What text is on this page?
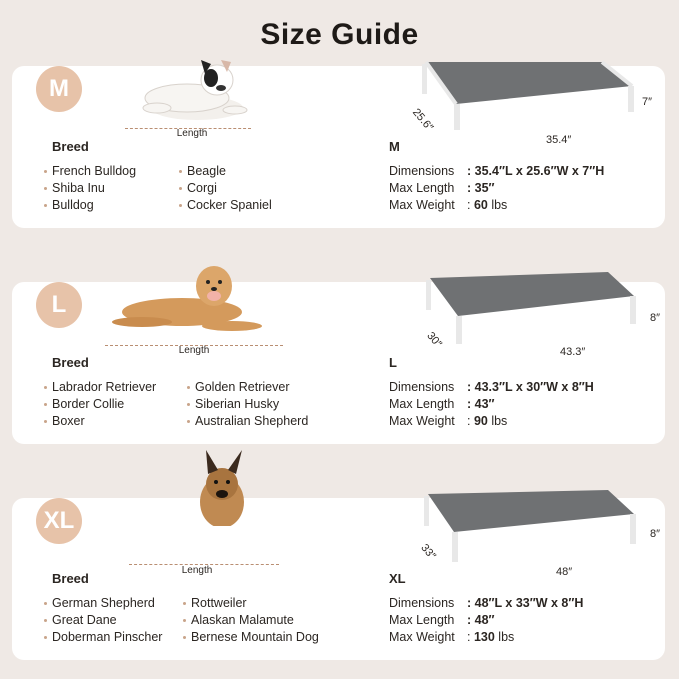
Size Guide
M
Length
Breed
French Bulldog
Shiba Inu
Bulldog
Beagle
Corgi
Cocker Spaniel
M
Dimensions : 35.4″L x 25.6″W x 7″H
Max Length : 35″
Max Weight : 60 lbs
25.6″
35.4″
7″
L
Length
Breed
Labrador Retriever
Border Collie
Boxer
Golden Retriever
Siberian Husky
Australian Shepherd
L
Dimensions : 43.3″L x 30″W x 8″H
Max Length : 43″
Max Weight : 90 lbs
30″
43.3″
8″
XL
Length
Breed
German Shepherd
Great Dane
Doberman Pinscher
Rottweiler
Alaskan Malamute
Bernese Mountain Dog
XL
Dimensions : 48″L x 33″W x 8″H
Max Length : 48″
Max Weight : 130 lbs
33″
48″
8″
